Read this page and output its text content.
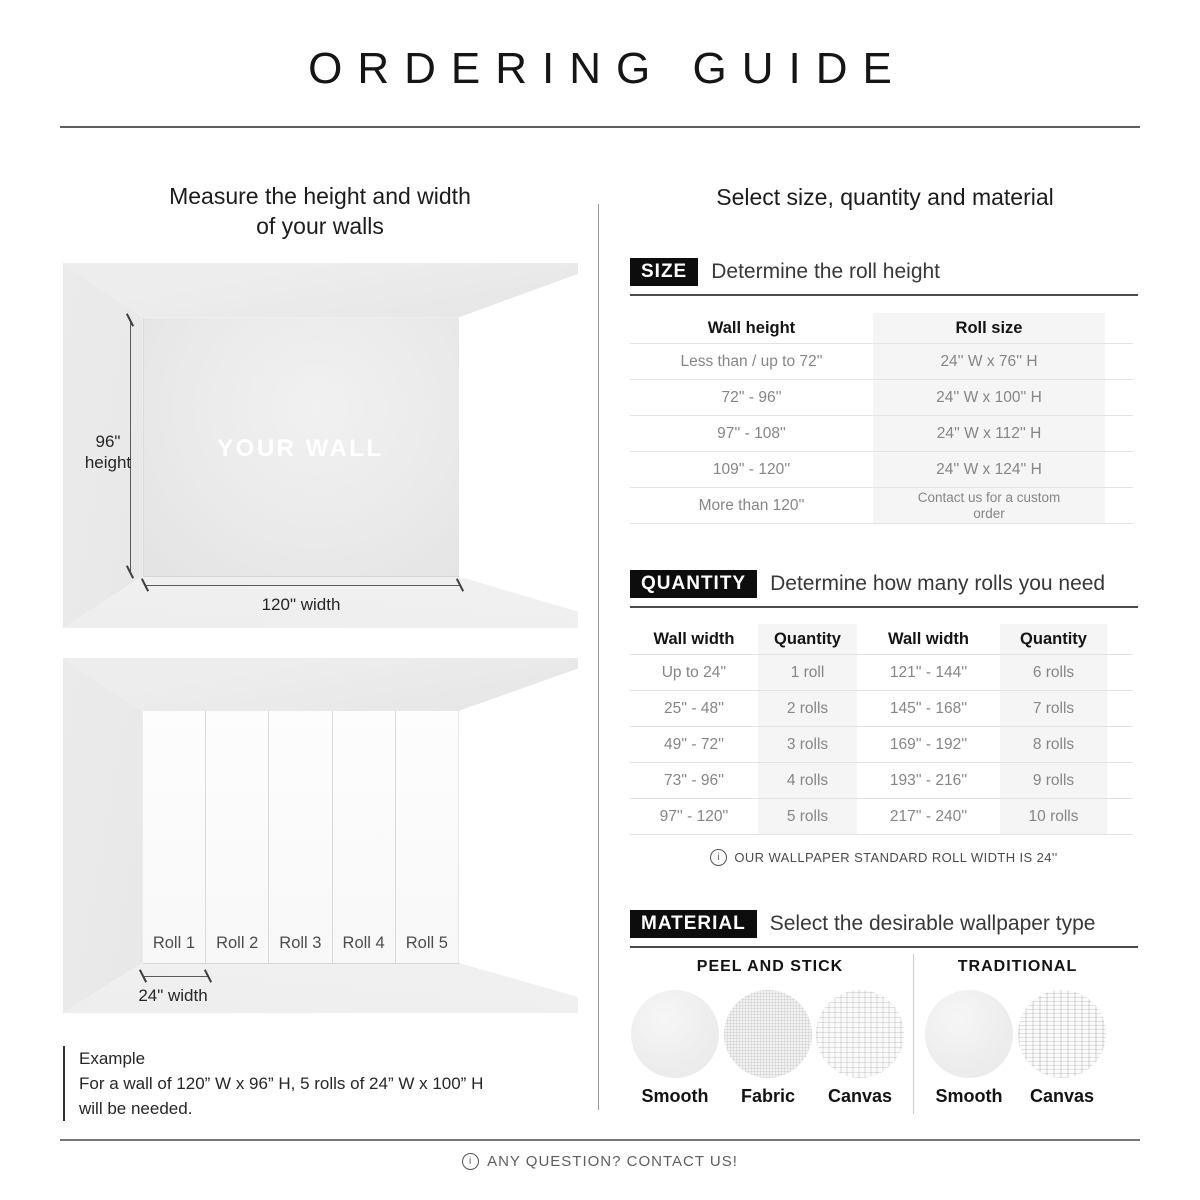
ORDERING GUIDE
Measure the height and width
of your walls
YOUR WALL
96"
height
120" width
Roll 1	Roll 2	Roll 3	Roll 4	Roll 5
24" width
Example
For a wall of 120” W x 96” H, 5 rolls of 24” W x 100” H
will be needed.
Select size, quantity and material
SIZE	Determine the roll height
Wall height	Roll size
Less than / up to 72''	24'' W x 76'' H
72'' - 96''	24'' W x 100'' H
97'' - 108''	24'' W x 112'' H
109'' - 120''	24'' W x 124'' H
More than 120''	Contact us for a custom order
QUANTITY	Determine how many rolls you need
Wall width	Quantity	Wall width	Quantity
Up to 24''	1 roll	121'' - 144''	6 rolls
25'' - 48''	2 rolls	145'' - 168''	7 rolls
49'' - 72''	3 rolls	169'' - 192''	8 rolls
73'' - 96''	4 rolls	193'' - 216''	9 rolls
97'' - 120''	5 rolls	217'' - 240''	10 rolls
i	OUR WALLPAPER STANDARD ROLL WIDTH IS 24''
MATERIAL	Select the desirable wallpaper type
PEEL AND STICK	TRADITIONAL
Smooth	Fabric	Canvas	Smooth	Canvas
i ANY QUESTION? CONTACT US!
